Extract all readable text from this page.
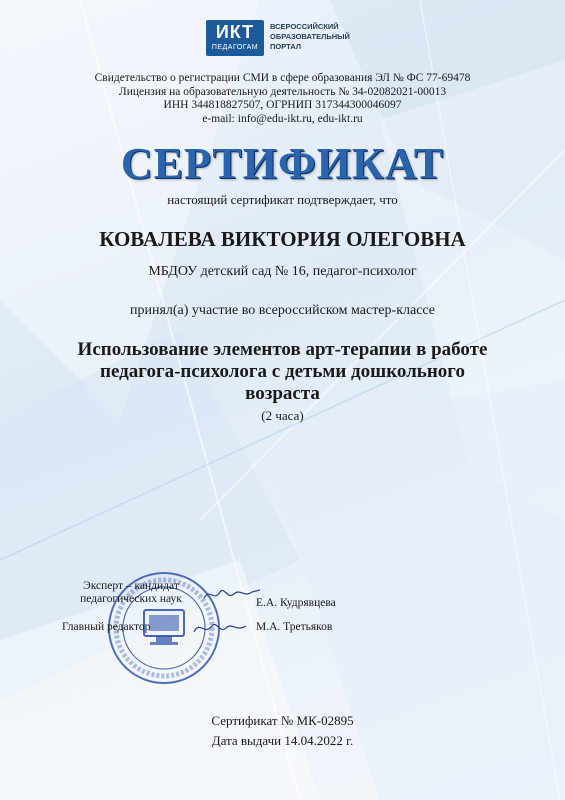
ИКТ
ПЕДАГОГАМ
ВСЕРОССИЙСКИЙ
ОБРАЗОВАТЕЛЬНЫЙ
ПОРТАЛ
Свидетельство о регистрации СМИ в сфере образования ЭЛ № ФС 77-69478
Лицензия на образовательную деятельность № 34-02082021-00013
ИНН 344818827507, ОГРНИП 317344300046097
e-mail: info@edu-ikt.ru, edu-ikt.ru
СЕРТИФИКАТ
настоящий сертификат подтверждает, что
КОВАЛЕВА ВИКТОРИЯ ОЛЕГОВНА
МБДОУ детский сад № 16, педагог-психолог
принял(а) участие во всероссийском мастер-классе
Использование элементов арт-терапии в работе
педагога-психолога с детьми дошкольного
возраста
(2 часа)
Эксперт – кандидат
педагогических наук	Е.А. Кудрявцева
Главный редактор	М.А. Третьяков
Сертификат № МК-02895
Дата выдачи 14.04.2022 г.
